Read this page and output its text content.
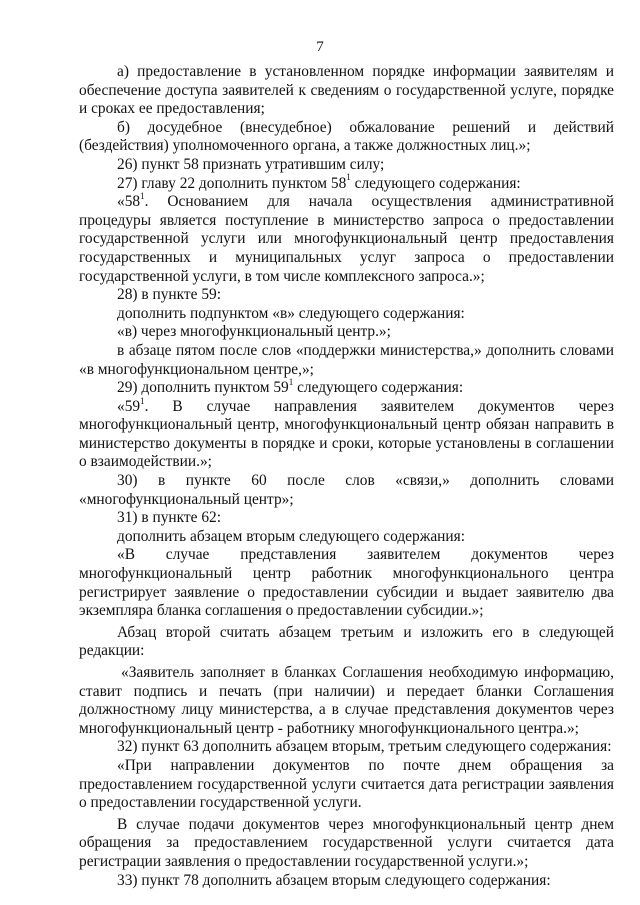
7

а) предоставление в установленном порядке информации заявителям и обеспечение доступа заявителей к сведениям о государственной услуге, порядке и сроках ее предоставления;

б) досудебное (внесудебное) обжалование решений и действий (бездействия) уполномоченного органа, а также должностных лиц.»;

26) пункт 58 признать утратившим силу;

27) главу 22 дополнить пунктом $58^1$ следующего содержания:

«$58^1$. Основанием для начала осуществления административной процедуры является поступление в министерство запроса о предоставлении государственной услуги или многофункциональный центр предоставления государственных и муниципальных услуг запроса о предоставлении государственной услуги, в том числе комплексного запроса.»;

28) в пункте 59:

дополнить подпунктом «в» следующего содержания:

«в) через многофункциональный центр.»;

в абзаце пятом после слов «поддержки министерства,» дополнить словами «в многофункциональном центре,»;

29) дополнить пунктом $59^1$ следующего содержания:

«$59^1$. В случае направления заявителем документов через многофункциональный центр, многофункциональный центр обязан направить в министерство документы в порядке и сроки, которые установлены в соглашении о взаимодействии.»;

30) в пункте 60 после слов «связи,» дополнить словами «многофункциональный центр»;

31) в пункте 62:

дополнить абзацем вторым следующего содержания:

«В случае представления заявителем документов через многофункциональный центр работник многофункционального центра регистрирует заявление о предоставлении субсидии и выдает заявителю два экземпляра бланка соглашения о предоставлении субсидии.»;

Абзац второй считать абзацем третьим и изложить его в следующей редакции:

«Заявитель заполняет в бланках Соглашения необходимую информацию, ставит подпись и печать (при наличии) и передает бланки Соглашения должностному лицу министерства, а в случае представления документов через многофункциональный центр - работнику многофункционального центра.»;

32) пункт 63 дополнить абзацем вторым, третьим следующего содержания:

«При направлении документов по почте днем обращения за предоставлением государственной услуги считается дата регистрации заявления о предоставлении государственной услуги.

В случае подачи документов через многофункциональный центр днем обращения за предоставлением государственной услуги считается дата регистрации заявления о предоставлении государственной услуги.»;

33) пункт 78 дополнить абзацем вторым следующего содержания:
